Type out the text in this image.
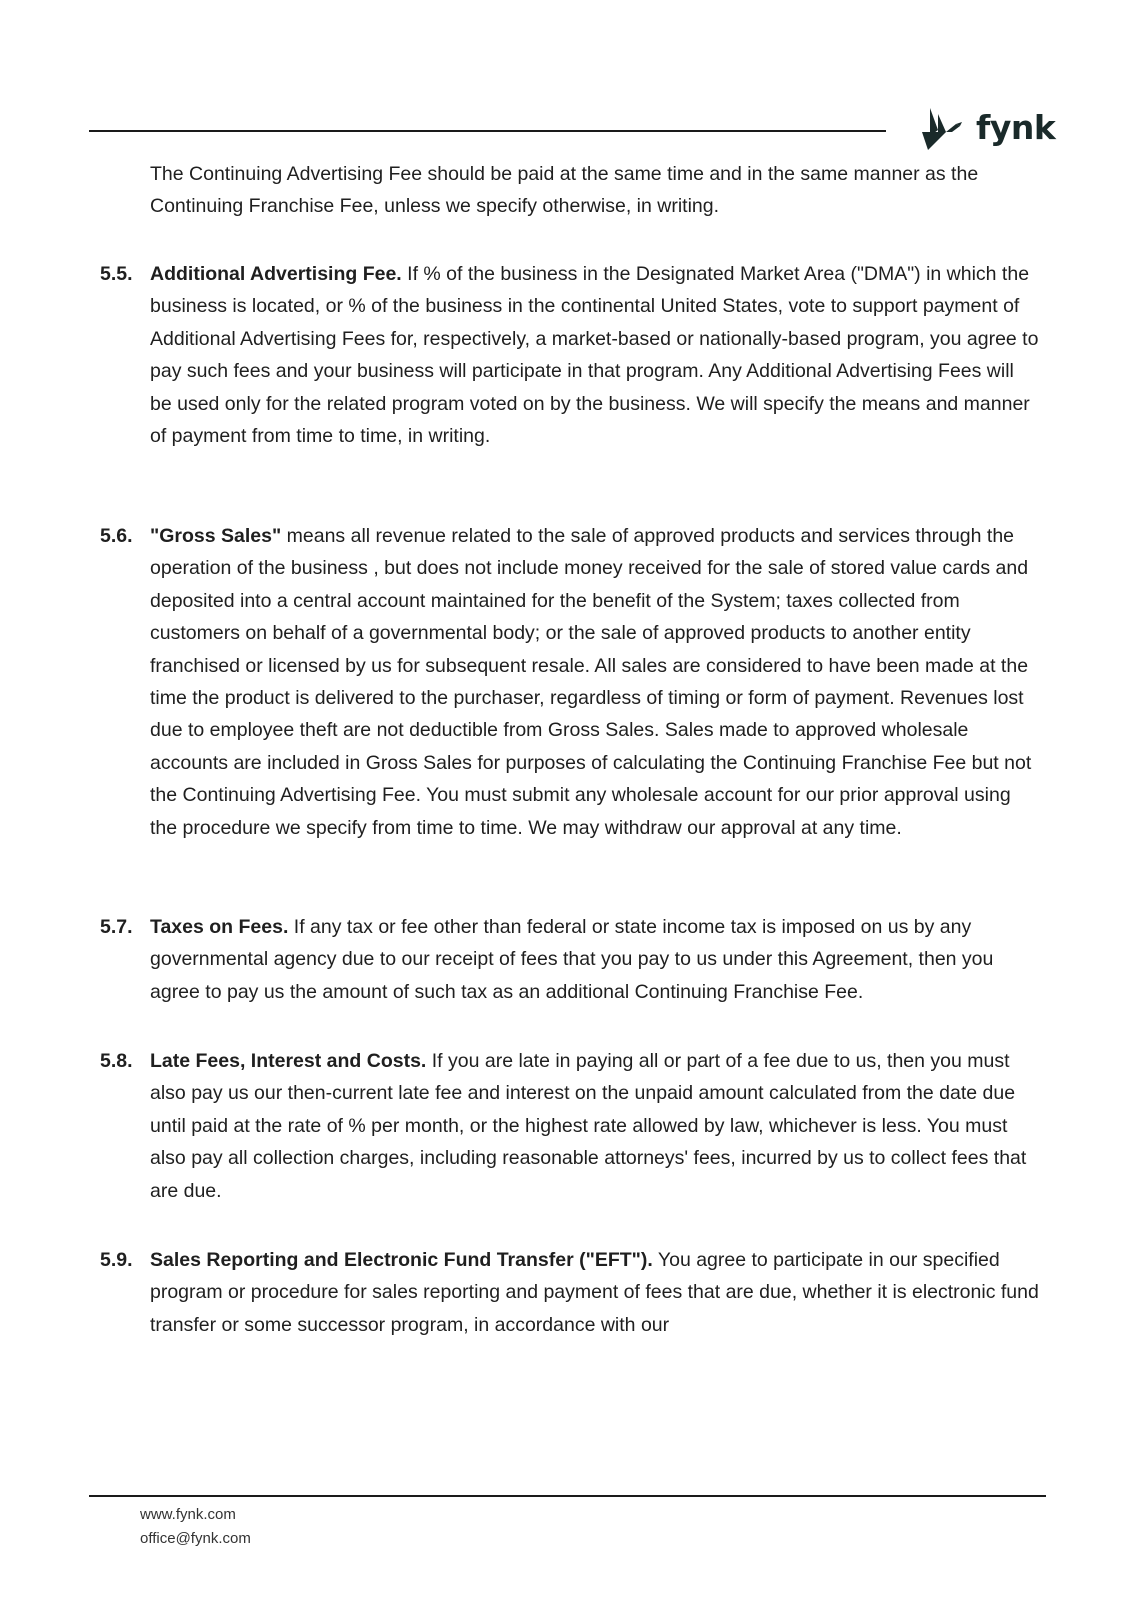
fynk

The Continuing Advertising Fee should be paid at the same time and in the same manner as the Continuing Franchise Fee, unless we specify otherwise, in writing.

5.5. Additional Advertising Fee. If % of the business in the Designated Market Area ("DMA") in which the business is located, or % of the business in the continental United States, vote to support payment of Additional Advertising Fees for, respectively, a market-based or nationally-based program, you agree to pay such fees and your business will participate in that program. Any Additional Advertising Fees will be used only for the related program voted on by the business. We will specify the means and manner of payment from time to time, in writing.

5.6. "Gross Sales" means all revenue related to the sale of approved products and services through the operation of the business , but does not include money received for the sale of stored value cards and deposited into a central account maintained for the benefit of the System; taxes collected from customers on behalf of a governmental body; or the sale of approved products to another entity franchised or licensed by us for subsequent resale. All sales are considered to have been made at the time the product is delivered to the purchaser, regardless of timing or form of payment. Revenues lost due to employee theft are not deductible from Gross Sales. Sales made to approved wholesale accounts are included in Gross Sales for purposes of calculating the Continuing Franchise Fee but not the Continuing Advertising Fee. You must submit any wholesale account for our prior approval using the procedure we specify from time to time. We may withdraw our approval at any time.

5.7. Taxes on Fees. If any tax or fee other than federal or state income tax is imposed on us by any governmental agency due to our receipt of fees that you pay to us under this Agreement, then you agree to pay us the amount of such tax as an additional Continuing Franchise Fee.

5.8. Late Fees, Interest and Costs. If you are late in paying all or part of a fee due to us, then you must also pay us our then-current late fee and interest on the unpaid amount calculated from the date due until paid at the rate of % per month, or the highest rate allowed by law, whichever is less. You must also pay all collection charges, including reasonable attorneys' fees, incurred by us to collect fees that are due.

5.9. Sales Reporting and Electronic Fund Transfer ("EFT"). You agree to participate in our specified program or procedure for sales reporting and payment of fees that are due, whether it is electronic fund transfer or some successor program, in accordance with our

www.fynk.com
office@fynk.com
